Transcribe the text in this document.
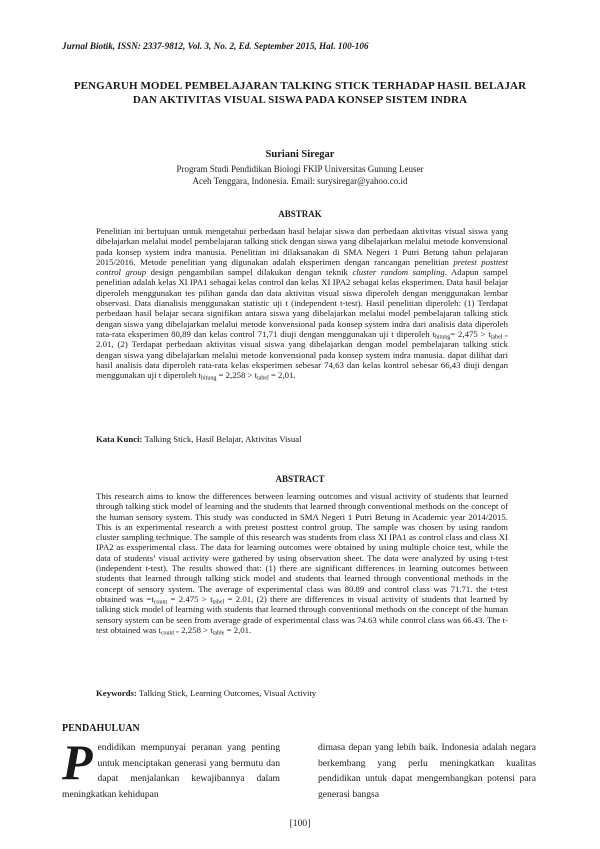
Jurnal Biotik, ISSN: 2337-9812, Vol. 3, No. 2, Ed. September 2015, Hal. 100-106
PENGARUH MODEL PEMBELAJARAN TALKING STICK TERHADAP HASIL BELAJAR DAN AKTIVITAS VISUAL SISWA PADA KONSEP SISTEM INDRA
Suriani Siregar
Program Studi Pendidikan Biologi FKIP Universitas Gunung Leuser
Aceh Tenggara, Indonesia. Email: surysiregar@yahoo.co.id
ABSTRAK

Penelitian ini bertujuan untuk mengetahui perbedaan hasil belajar siswa dan perbedaan aktivitas visual siswa yang dibelajarkan melalui model pembelajaran talking stick dengan siswa yang dibelajarkan melalui metode konvensional pada konsep system indra manusia. Penelitian ini dilaksanakan di SMA Negeri 1 Putri Betung tahun pelajaran 2015/2016. Metode penelitian yang digunakan adalah eksperimen dengan rancangan penelitian pretest posttest control group design pengambilan sampel dilakukan dengan teknik cluster random sampling. Adapun sampel penelitian adalah kelas XI IPA1 sebagai kelas control dan kelas XI IPA2 sebagai kelas eksperimen. Data hasil belajar diperoleh menggunakan tes pilihan ganda dan data aktivitas visual siswa diperoleh dengan menggunakan lembar observasi. Data dianalisis menggunakan statistic uji t (independent t-test). Hasil penelitian diperoleh: (1) Terdapat perbedaan hasil belajar secara signifikan antara siswa yang dibelajarkan melalui model pembelajaran talking stick dengan siswa yang dibelajarkan melalui metode konvensional pada konsep system indra dari analisis data diperoleh rata-rata eksperimen 80,89 dan kelas control 71,71 diuji dengan menggunakan uji t diperoleh $t_{hitung}= 2,475 > t_{tabel =}$ 2.01, (2) Terdapat perbedaan aktivitas visual siswa yang dibelajarkan dengan model pembelajaran talking stick dengan siswa yang dibelajarkan melalui metode konvensional pada konsep system indra manusia. dapat dilihat dari hasil analisis data diperoleh rata-rata kelas eksperimen sebesar 74,63 dan kelas kontrol sebesar 66,43 diuji dengan menggunakan uji t diperoleh $t_{hitung} = 2,258 > t_{tabel} = 2,01$.

Kata Kunci: Talking Stick, Hasil Belajar, Aktivitas Visual
ABSTRACT

This research aims to know the differences between learning outcomes and visual activity of students that learned through talking stick model of learning and the students that learned through conventional methods on the concept of the human sensory system. This study was conducted in SMA Negeri 1 Putri Betung in Academic year 2014/2015. This is an experimental research a with pretest posttest control group. The sample was chosen by using random cluster sampling technique. The sample of this research was students from class XI IPA1 as control class and class XI IPA2 as exsperimental class. The data for learning outcomes were obtained by using multiple choice test, while the data of students’ visual activity were gathered by using observation sheet. The data were analyzed by using t-test (independent t-test). The results showed that: (1) there are significant differences in learning outcomes between students that learned through talking stick model and students that learned through conventional methods in the concept of sensory system. The average of experimental class was 80.89 and control class was 71.71. the t-test obtained was $=t_{count} = 2.475 > t_{tabel} = 2.01$, (2) there are differences in visual activity of students that learned by talking stick model of learning with students that learned through conventional methods on the concept of the human sensory system can be seen from average grade of experimental class was 74.63 while control class was 66.43. The t-test obtained was $t_{count =}$ $2,258 > t_{table} = 2,01$.

Keywords: Talking Stick, Learning Outcomes, Visual Activity
PENDAHULUAN

Pendidikan mempunyai peranan yang penting untuk menciptakan generasi yang bermutu dan dapat menjalankan kewajibannya dalam meningkatkan kehidupan

dimasa depan yang lebih baik. Indonesia adalah negara berkembang yang perlu meningkatkan kualitas pendidikan untuk dapat mengembangkan potensi para generasi bangsa

[100]
